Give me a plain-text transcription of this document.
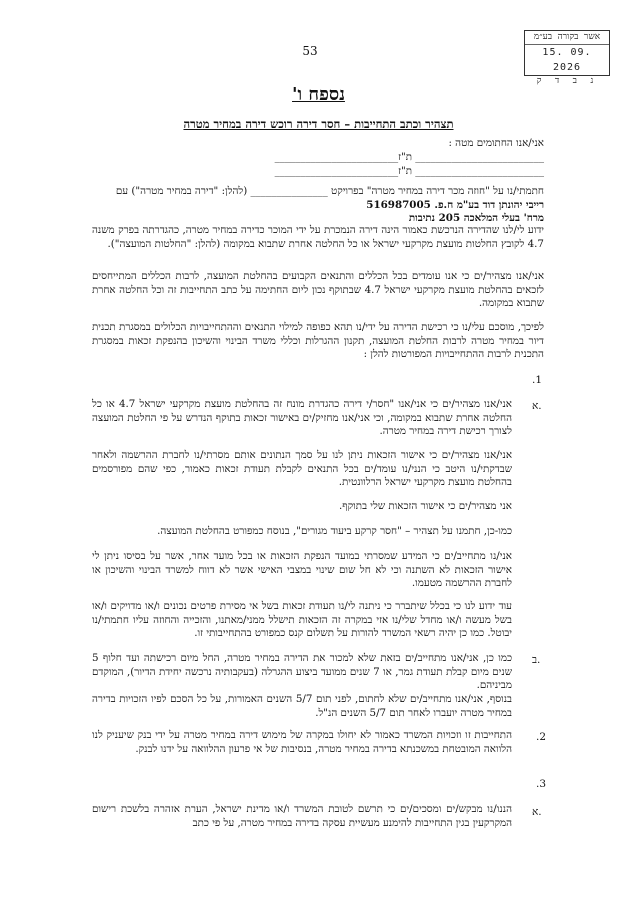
53
אשר בקורה בע״מ
15. 09. 2026
נ ב ד ק
נספח ו'
תצהיר וכתב התחייבות – חסר דירה רוכש דירה במחיר מטרה
אני/אנו החתומים מטה :
_________________________ ת"ז________________________
_________________________ ת"ז________________________
חתמתי/נו על "חוזה מכר דירה במחיר מטרה" בפרויקט _______________ (להלן: "דירה במחיר מטרה") עם
רייבי יהונתן דוד בע"מ ח.פ. 516987005
מרח' בעלי המלאכה 205 נתיבות
ידוע לי/לנו שהדירה הנרכשת כאמור הינה דירה הנמכרת על ידי המוכר כדירה במחיר מטרה, כהגדרתה בפרק משנה 4.7 לקובץ החלטות מועצת מקרקעי ישראל או כל החלטה אחרת שתבוא במקומה (להלן: "החלטות המועצה").
אני/אנו מצהיר/ים כי אנו עומדים בכל הכללים והתנאים הקבועים בהחלטת המועצה, לרבות הכללים המתייחסים לזכאים בהחלטת מועצת מקרקעי ישראל 4.7 שבתוקף נכון ליום החתימה על כתב התחייבות זה וכל החלטה אחרת שתבוא במקומה.
לפיכך, מוסכם עלי/נו כי רכישת הדירה על ידי/נו תהא כפופה למילוי התנאים וההתחייבויות הכלולים במסגרת תכנית דיור במחיר מטרה לרבות החלטת המועצה, תקנון ההגרלות וכללי משרד הבינוי והשיכון בהנפקת זכאות במסגרת התכנית לרבות ההתחייבויות המפורטות להלן :
.1
.א
אני/אנו מצהיר/ים כי אני/אנו "חסר/י דירה כהגדרת מונח זה בהחלטת מועצת מקרקעי ישראל 4.7 או כל החלטה אחרת שתבוא במקומה, וכי אני/אנו מחזיק/ים באישור זכאות בתוקף הנדרש על פי החלטת המועצה לצורך רכישת דירה במחיר מטרה.
אני/אנו מצהיר/ים כי אישור הזכאות ניתן לנו על סמך הנתונים אותם מסרתי/נו לחברת ההרשמה ולאחר שבדקתי/נו היטב כי הנני/נו עומד/ים בכל התנאים לקבלת תעודת זכאות כאמור, כפי שהם מפורסמים בהחלטת מועצת מקרקעי ישראל הרלוונטית.
אני מצהיר/ים כי אישור הזכאות שלי בתוקף.
כמו-כן, חתמנו על תצהיר – "חסר קרקע ביעוד מגורים", בנוסח כמפורט בהחלטת המועצה.
אני/נו מתחייב/ים כי המידע שמסרתי במועד הנפקת הזכאות או בכל מועד אחר, אשר על בסיסו ניתן לי אישור הזכאות לא השתנה וכי לא חל שום שינוי במצבי האישי אשר לא דווח למשרד הבינוי והשיכון או לחברת ההרשמה מטעמו.
עוד ידוע לנו כי בכלל שיתברר כי ניתנה לי/נו תעודת זכאות בשל אי מסירת פרטים נכונים ו/או מדויקים ו/או בשל מעשה ו/או מחדל שלי/נו אזי במקרה זה הזכאות תישלל ממני/מאתנו, והזכייה והחוזה עליו חתמתי/נו יבוטל. כמו כן יהיה רשאי המשרד להורות על תשלום קנס כמפורט בהתחייבותי זו.
.ב
כמו כן, אני/אנו מתחייב/ים בזאת שלא למכור את הדירה במחיר מטרה, החל מיום רכישתה ועד חלוף 5 שנים מיום קבלת תעודת גמר, או 7 שנים ממועד ביצוע ההגרלה (בעקבותיה נרכשה יחידת הדיור), המוקדם מביניהם.
בנוסף, אני/אנו מתחייב/ים שלא לחתום, לפני תום 5/7 השנים האמורות, על כל הסכם לפיו הזכויות בדירה במחיר מטרה יועברו לאחר תום 5/7 השנים הנ"ל.
.2
התחייבות זו וזכויות המשרד כאמור לא יחולו במקרה של מימוש דירה במחיר מטרה על ידי בנק שיעניק לנו הלוואה המובטחת במשכנתא בדירה במחיר מטרה, בנסיבות של אי פרעון ההלוואה על ידנו לבנק.
.3
.א
הננו/נו מבקש/ים ומסכים/ים כי תרשם לטובת המשרד ו/או מדינת ישראל, הערת אזהרה בלשכת רישום המקרקעין בגין התחייבות להימנע מעשיית עסקה בדירה במחיר מטרה, על פי כתב
